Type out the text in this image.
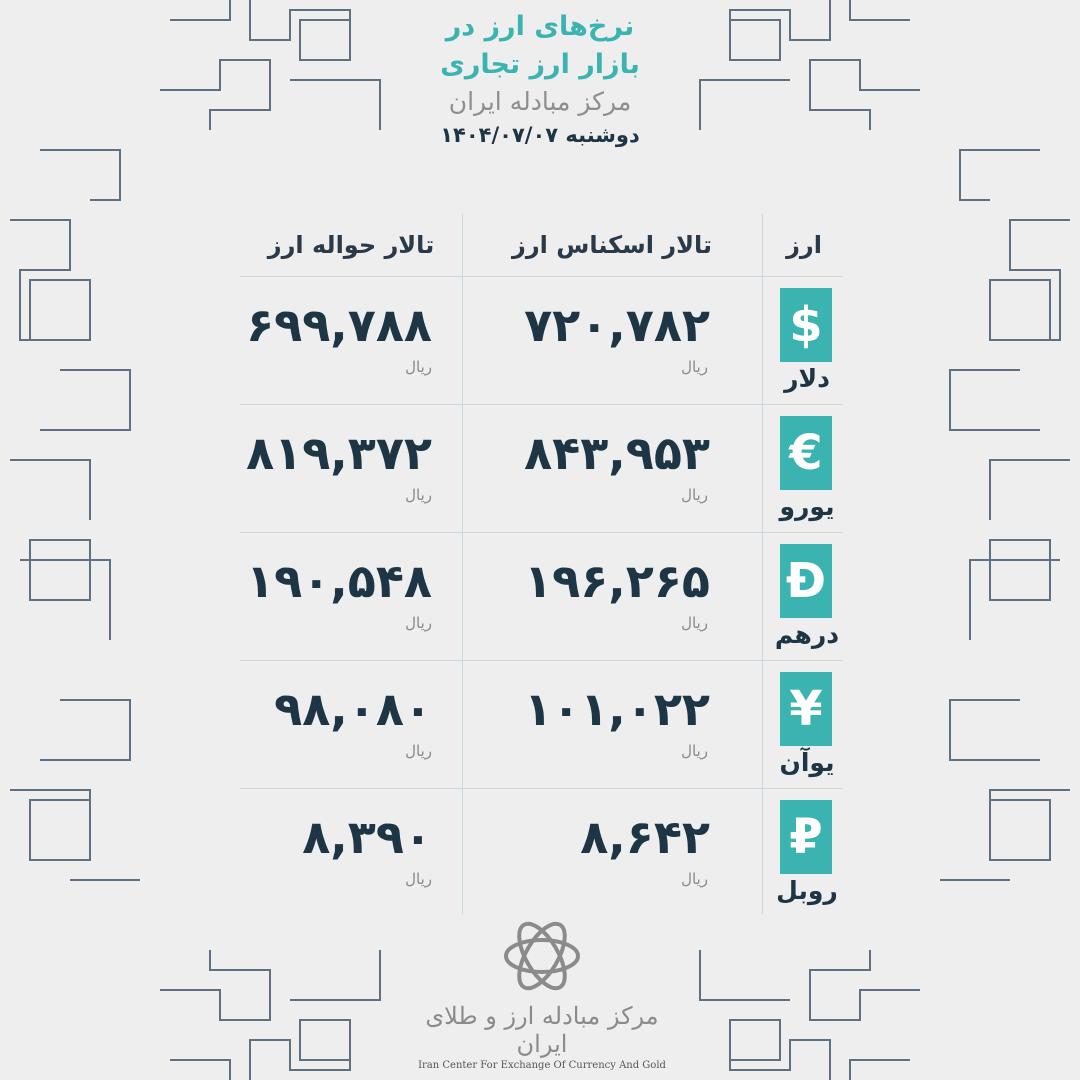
نرخ‌های ارز در
بازار ارز تجاری
مرکز مبادله ایران
دوشنبه ۱۴۰۴/۰۷/۰۷
ارز
تالار اسکناس ارز
تالار حواله ارز
$
دلار
۷۲۰,۷۸۲
ریال
۶۹۹,۷۸۸
ریال
€
یورو
۸۴۳,۹۵۳
ریال
۸۱۹,۳۷۲
ریال
Đ
درهم
۱۹۶,۲۶۵
ریال
۱۹۰,۵۴۸
ریال
¥
یوآن
۱۰۱,۰۲۲
ریال
۹۸,۰۸۰
ریال
₽
روبل
۸,۶۴۲
ریال
۸,۳۹۰
ریال
مرکز مبادله ارز و طلای ایران
Iran Center For Exchange Of Currency And Gold
